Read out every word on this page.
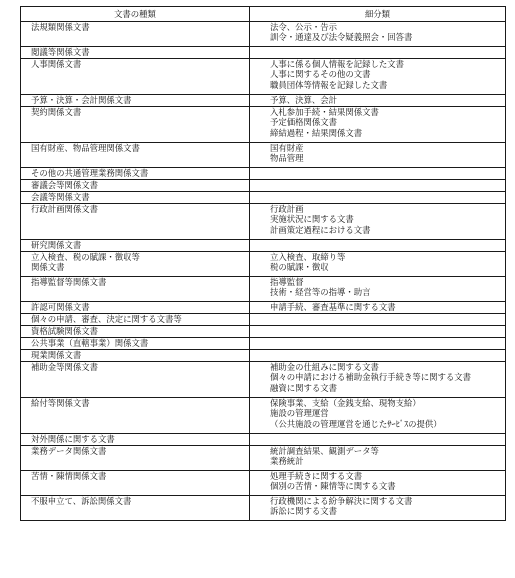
文書の種類	細分類

法規類関係文書	法令、公示・告示
訓令・通達及び法令疑義照会・回答書

閲議等関係文書	

人事関係文書	人事に係る個人情報を記録した文書
人事に関するその他の文書
職員団体等情報を記録した文書

予算・決算・会計関係文書	予算、決算、会計

契約関係文書	入札参加手続・結果関係文書
予定価格関係文書
締結過程・結果関係文書

国有財産、物品管理関係文書	国有財産
物品管理

その他の共通管理業務関係文書	

審議会等関係文書	

会議等関係文書	

行政計画関係文書	行政計画
実施状況に関する文書
計画策定過程における文書

研究関係文書	

立入検査、税の賦課・徴収等
関係文書	立入検査、取締り等
税の賦課・徴収

指導監督等関係文書	指導監督
技術・経営等の指導・助言

許認可関係文書	申請手続、審査基準に関する文書

個々の申請、審査、決定に関する文書等	

資格試験関係文書	

公共事業（直轄事業）関係文書	

現業関係文書	

補助金等関係文書	補助金の仕組みに関する文書
個々の申請における補助金執行手続き等に関する文書
融資に関する文書

給付等関係文書	保険事業、支給（金銭支給、現物支給）
施設の管理運営
（公共施設の管理運営を通じたｻｰﾋﾞｽの提供）

対外関係に関する文書	

業務データ関係文書	統計調査結果、観測データ等
業務統計

苦情・陳情関係文書	処理手続きに関する文書
個別の苦情・陳情等に関する文書

不服申立て、訴訟関係文書	行政機関による紛争解決に関する文書
訴訟に関する文書
